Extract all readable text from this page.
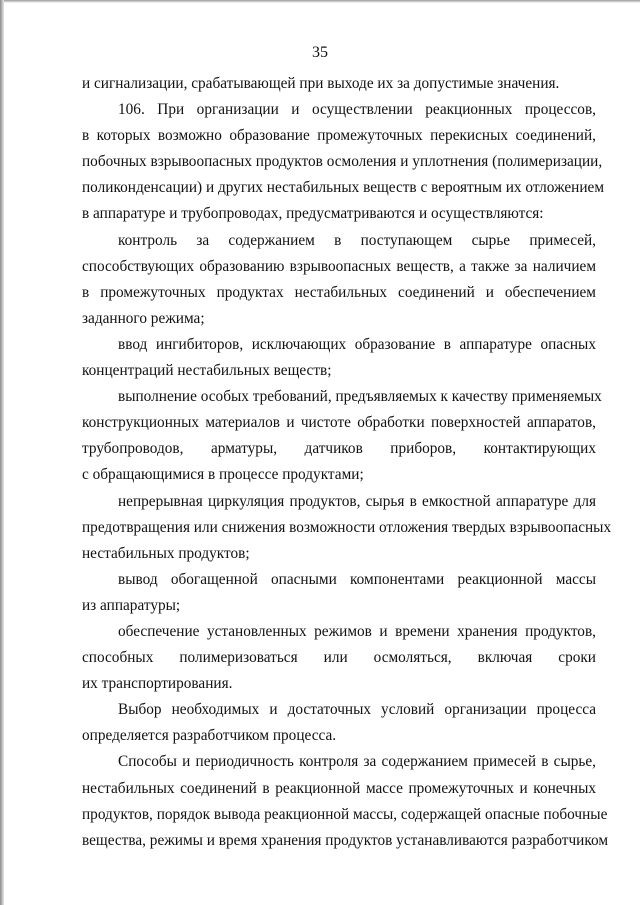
35
и сигнализации, срабатывающей при выходе их за допустимые значения.
106. При организации и осуществлении реакционных процессов,
в которых возможно образование промежуточных перекисных соединений,
побочных взрывоопасных продуктов осмоления и уплотнения (полимеризации,
поликонденсации) и других нестабильных веществ с вероятным их отложением
в аппаратуре и трубопроводах, предусматриваются и осуществляются:
контроль за содержанием в поступающем сырье примесей,
способствующих образованию взрывоопасных веществ, а также за наличием
в промежуточных продуктах нестабильных соединений и обеспечением
заданного режима;
ввод ингибиторов, исключающих образование в аппаратуре опасных
концентраций нестабильных веществ;
выполнение особых требований, предъявляемых к качеству применяемых
конструкционных материалов и чистоте обработки поверхностей аппаратов,
трубопроводов, арматуры, датчиков приборов, контактирующих
с обращающимися в процессе продуктами;
непрерывная циркуляция продуктов, сырья в емкостной аппаратуре для
предотвращения или снижения возможности отложения твердых взрывоопасных
нестабильных продуктов;
вывод обогащенной опасными компонентами реакционной массы
из аппаратуры;
обеспечение установленных режимов и времени хранения продуктов,
способных полимеризоваться или осмоляться, включая сроки
их транспортирования.
Выбор необходимых и достаточных условий организации процесса
определяется разработчиком процесса.
Способы и периодичность контроля за содержанием примесей в сырье,
нестабильных соединений в реакционной массе промежуточных и конечных
продуктов, порядок вывода реакционной массы, содержащей опасные побочные
вещества, режимы и время хранения продуктов устанавливаются разработчиком
